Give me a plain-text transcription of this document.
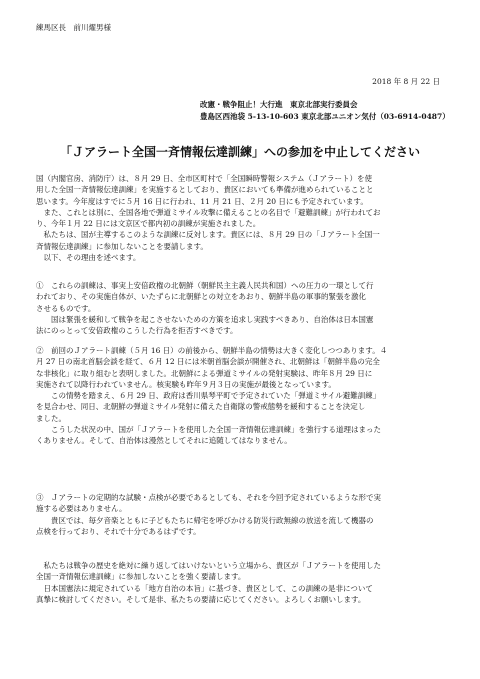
練馬区長　前川燿男様
2018 年 8 月 22 日
改憲・戦争阻止！大行進　東京北部実行委員会
豊島区西池袋 5-13-10-603 東京北部ユニオン気付（03-6914-0487）
「Ｊアラート全国一斉情報伝達訓練」への参加を中止してください

国（内閣官房、消防庁）は、８月 29 日、全市区町村で「全国瞬時警報システム（Ｊアラート）を使

用した全国一斉情報伝達訓練」を実施するとしており、貴区においても準備が進められていることと

思います。今年度はすでに５月 16 日に行われ、11 月 21 日、２月 20 日にも予定されています。

　また、これとは別に、全国各地で弾道ミサイル攻撃に備えることの名目で「避難訓練」が行われてお

り、今年１月 22 日には文京区で都内初の訓練が実施されました。

　私たちは、国が主導するこのような訓練に反対します。貴区には、８月 29 日の「Ｊアラート全国一

斉情報伝達訓練」に参加しないことを要請します。

　以下、その理由を述べます。

①　これらの訓練は、事実上安倍政権の北朝鮮（朝鮮民主主義人民共和国）への圧力の一環として行

われており、その実施自体が、いたずらに北朝鮮との対立をあおり、朝鮮半島の軍事的緊張を激化

させるものです。

　　国は緊張を緩和して戦争を起こさせないための方策を追求し実践すべきあり、自治体は日本国憲

法にのっとって安倍政権のこうした行為を拒否すべきです。

②　前回のＪアラート訓練（５月 16 日）の前後から、朝鮮半島の情勢は大きく変化しつつあります。４

月 27 日の南北首脳会談を経て、６月 12 日には米朝首脳会談が開催され、北朝鮮は「朝鮮半島の完全

な非核化」に取り組むと表明しました。北朝鮮による弾道ミサイルの発射実験は、昨年８月 29 日に

実施されて以降行われていません。核実験も昨年９月３日の実施が最後となっています。

　　この情勢を踏まえ、６月 29 日、政府は香川県琴平町で予定されていた「弾道ミサイル避難訓練」

を見合わせ、同日、北朝鮮の弾道ミサイル発射に備えた自衛隊の警戒態勢を緩和することを決定し

ました。

　　こうした状況の中、国が「Ｊアラートを使用した全国一斉情報伝達訓練」を強行する道理はまった

くありません。そして、自治体は漫然としてそれに追随してはなりません。

③　Ｊアラートの定期的な試験・点検が必要であるとしても、それを今回予定されているような形で実

施する必要はありません。

　　貴区では、毎夕音楽とともに子どもたちに帰宅を呼びかける防災行政無線の放送を流して機器の

点検を行っており、それで十分であるはずです。

　私たちは戦争の歴史を絶対に繰り返してはいけないという立場から、貴区が「Ｊアラートを使用した

全国一斉情報伝達訓練」に参加しないことを強く要請します。

　日本国憲法に規定されている「地方自治の本旨」に基づき、貴区として、この訓練の是非について

真摯に検討してください。そして是非、私たちの要請に応じてください。よろしくお願いします。
